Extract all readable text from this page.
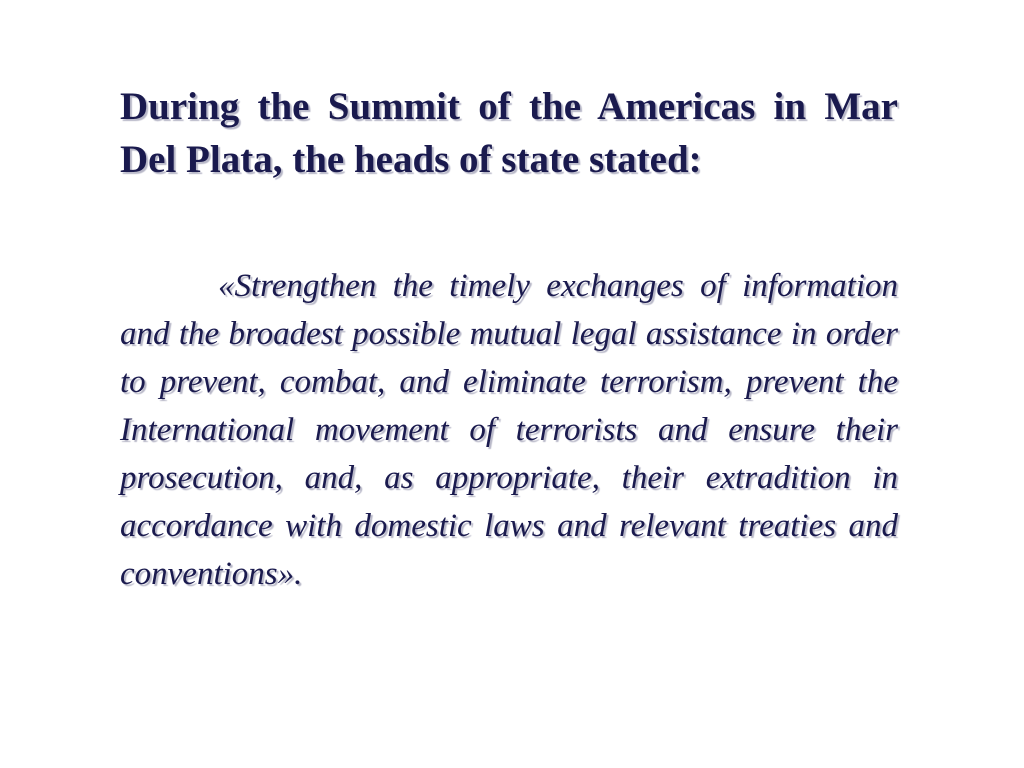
During the Summit of the Americas in Mar Del Plata, the heads of state stated:

«Strengthen the timely exchanges of information and the broadest possible mutual legal assistance in order to prevent, combat, and eliminate terrorism, prevent the International movement of terrorists and ensure their prosecution, and, as appropriate, their extradition in accordance with domestic laws and relevant treaties and conventions».
